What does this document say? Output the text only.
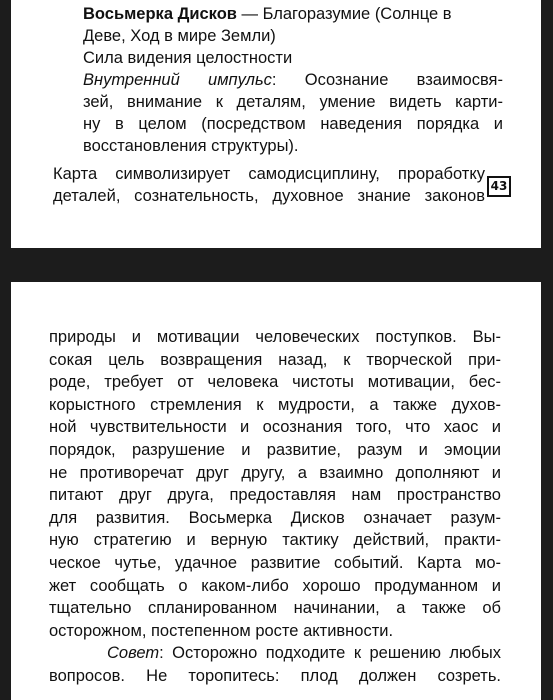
Восьмерка Дисков — Благоразумие (Солнце в
Деве, Ход в мире Земли)
Сила видения целостности
Внутренний импульс: Осознание взаимосвя-
зей, внимание к деталям, умение видеть карти-
ну в целом (посредством наведения порядка и
восстановления структуры).
Карта символизирует самодисциплину, проработку
деталей, сознательность, духовное знание законов
43
природы и мотивации человеческих поступков. Вы-
сокая цель возвращения назад, к творческой при-
роде, требует от человека чистоты мотивации, бес-
корыстного стремления к мудрости, а также духов-
ной чувствительности и осознания того, что хаос и
порядок, разрушение и развитие, разум и эмоции
не противоречат друг другу, а взаимно дополняют и
питают друг друга, предоставляя нам пространство
для развития. Восьмерка Дисков означает разум-
ную стратегию и верную тактику действий, практи-
ческое чутье, удачное развитие событий. Карта мо-
жет сообщать о каком-либо хорошо продуманном и
тщательно спланированном начинании, а также об
осторожном, постепенном росте активности.
Совет: Осторожно подходите к решению любых
вопросов. Не торопитесь: плод должен созреть.
